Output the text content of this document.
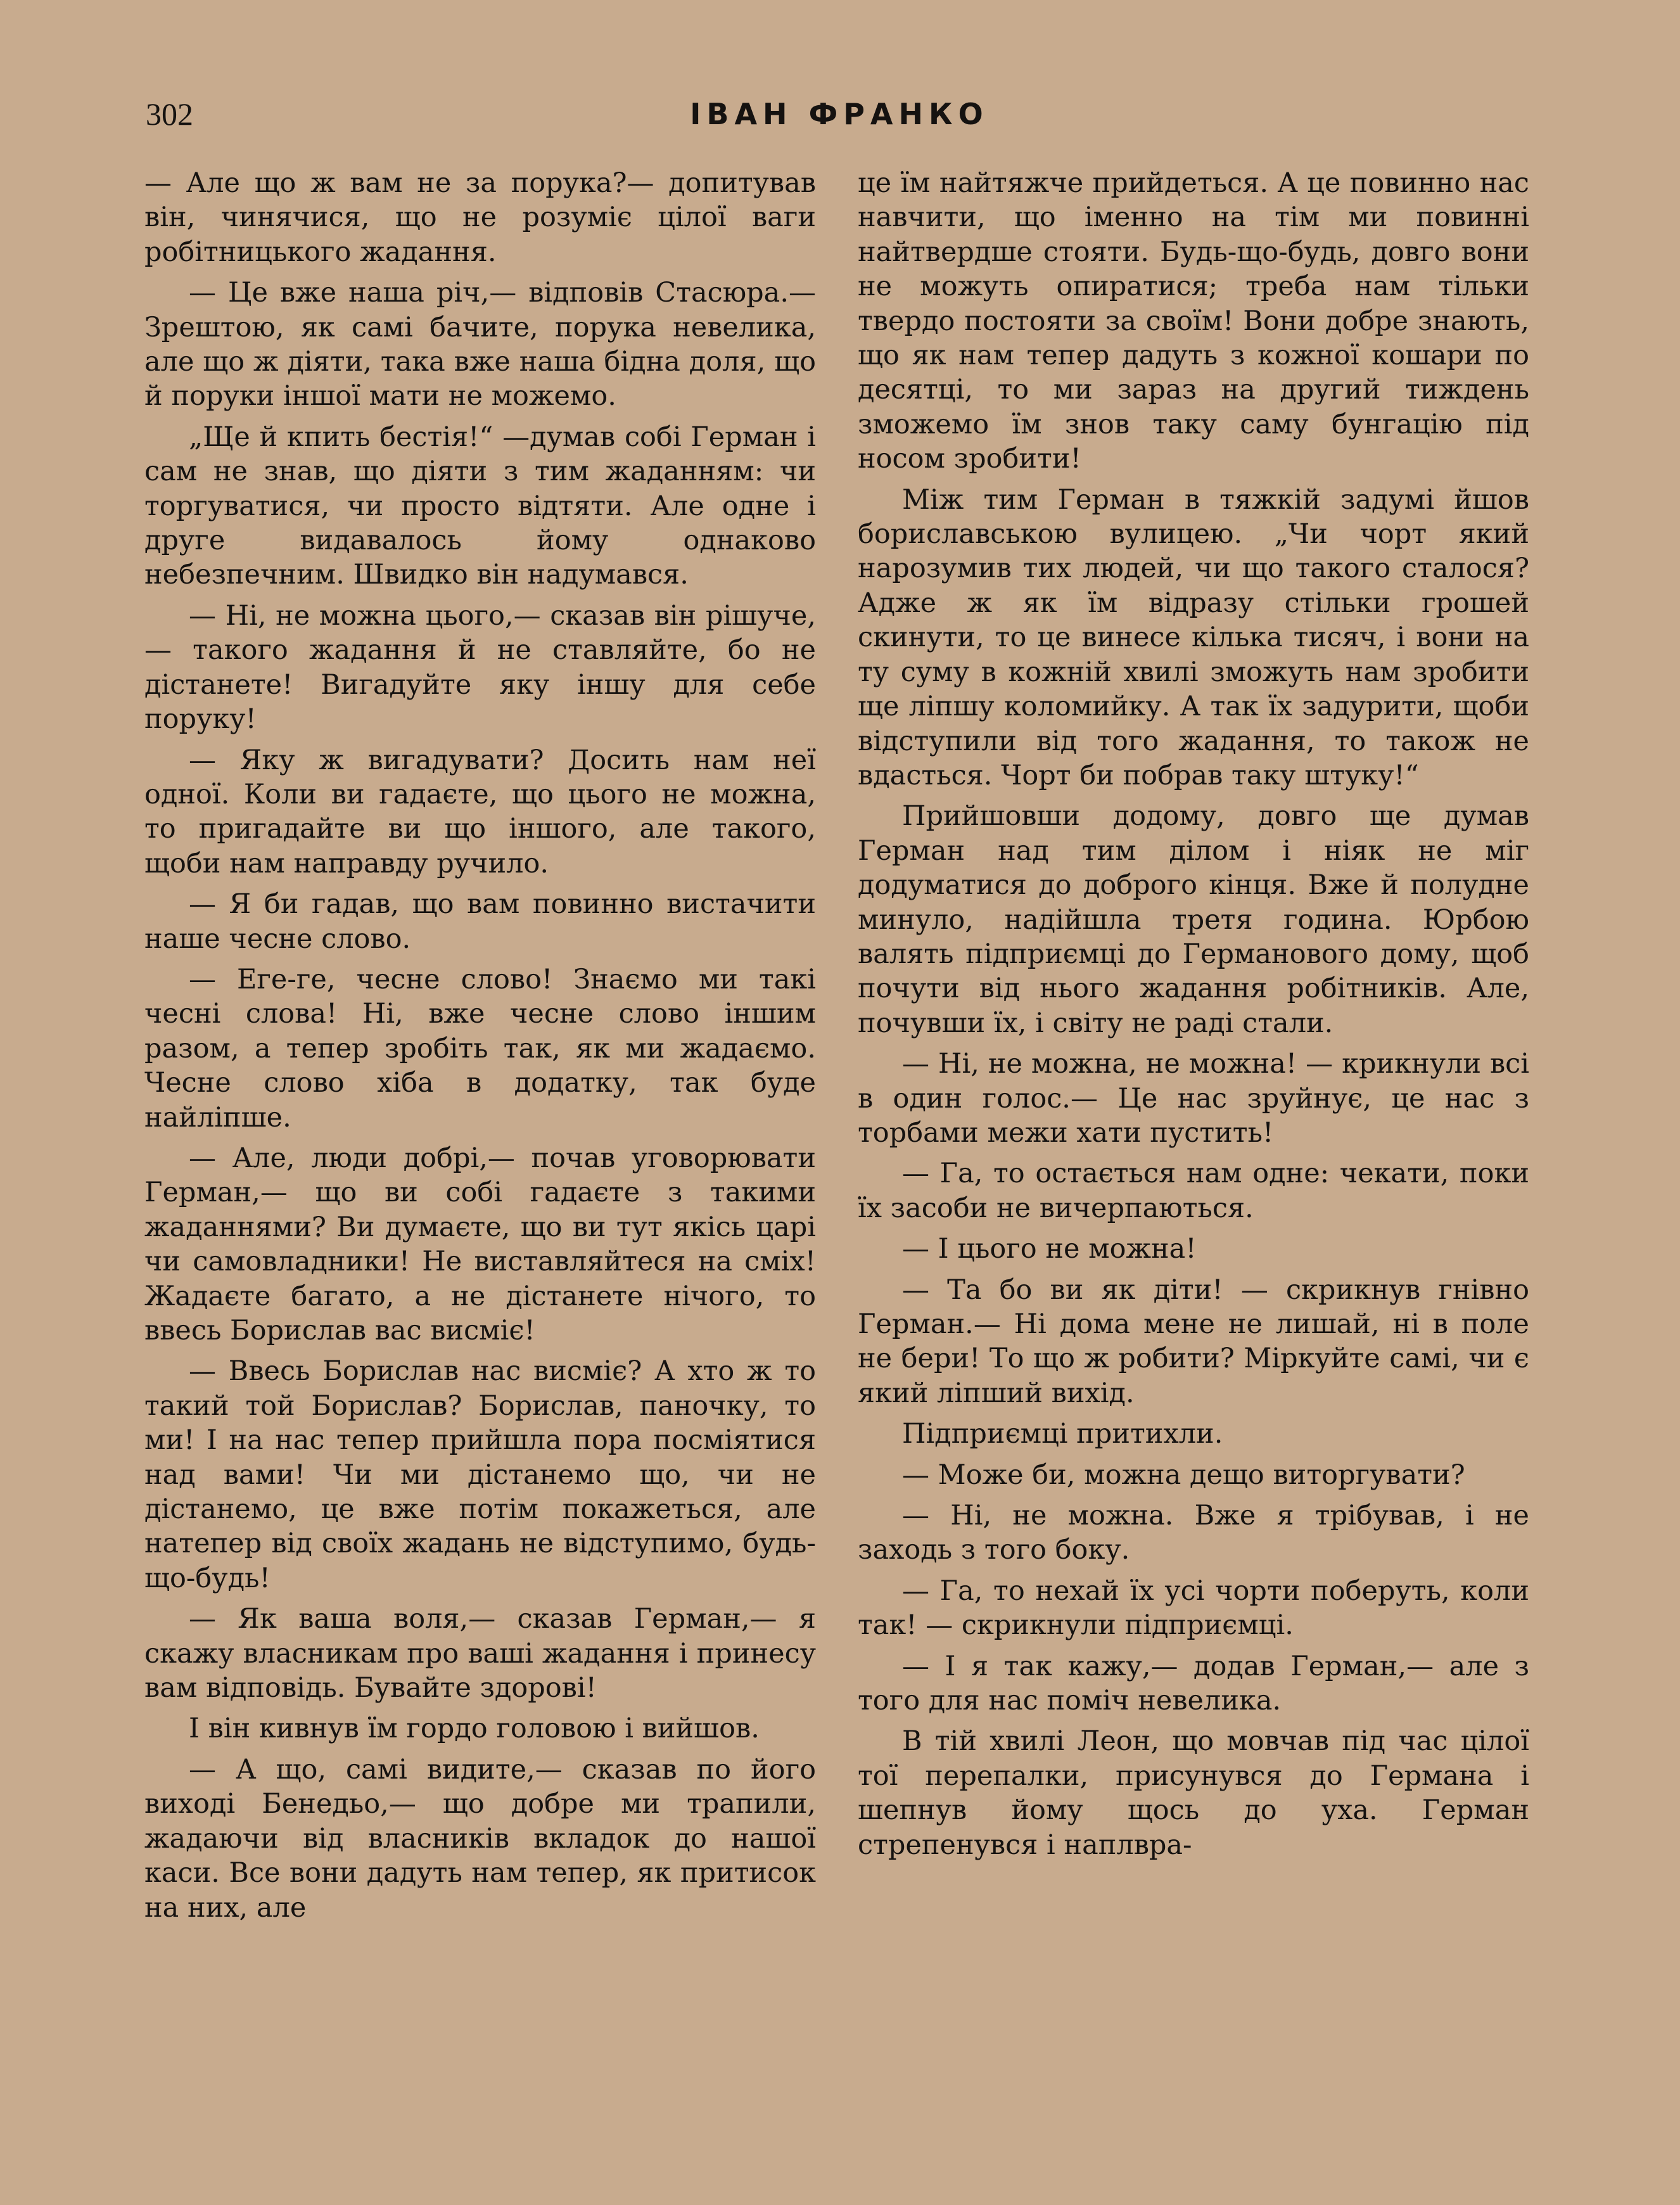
302	ІВАН ФРАНКО

— Але що ж вам не за порука?— допитував він, чинячися, що не розуміє цілої ваги робітницького жадання.

— Це вже наша річ,— відповів Стасюра.— Зрештою, як самі бачите, порука невелика, але що ж діяти, така вже наша бідна доля, що й поруки іншої мати не можемо.

„Ще й кпить бестія!“ —думав собі Герман і сам не знав, що діяти з тим жаданням: чи торгуватися, чи просто відтяти. Але одне і друге видавалось йому однаково небезпечним. Швидко він надумався.

— Ні, не можна цього,— сказав він рішуче,— такого жадання й не ставляйте, бо не дістанете! Вигадуйте яку іншу для себе поруку!

— Яку ж вигадувати? Досить нам неї одної. Коли ви гадаєте, що цього не можна, то пригадайте ви що іншого, але такого, щоби нам направду ручило.

— Я би гадав, що вам повинно вистачити наше чесне слово.

— Еге-ге, чесне слово! Знаємо ми такі чесні слова! Ні, вже чесне слово іншим разом, а тепер зробіть так, як ми жадаємо. Чесне слово хіба в додатку, так буде найліпше.

— Але, люди добрі,— почав уговорювати Герман,— що ви собі гадаєте з такими жаданнями? Ви думаєте, що ви тут якісь царі чи самовладники! Не виставляйтеся на сміх! Жадаєте багато, а не дістанете нічого, то ввесь Борислав вас висміє!

— Ввесь Борислав нас висміє? А хто ж то такий той Борислав? Борислав, паночку, то ми! І на нас тепер прийшла пора посміятися над вами! Чи ми дістанемо що, чи не дістанемо, це вже потім покажеться, але натепер від своїх жадань не відступимо, будь-що-будь!

— Як ваша воля,— сказав Герман,— я скажу власникам про ваші жадання і принесу вам відповідь. Бувайте здорові!

І він кивнув їм гордо головою і вийшов.

— А що, самі видите,— сказав по його виході Бенедьо,— що добре ми трапили, жадаючи від власників вкладок до нашої каси. Все вони дадуть нам тепер, як притисок на них, але

це їм найтяжче прийдеться. А це повинно нас навчити, що іменно на тім ми повинні найтвердше стояти. Будь-що-будь, довго вони не можуть опиратися; треба нам тільки твердо постояти за своїм! Вони добре знають, що як нам тепер дадуть з кожної кошари по десятці, то ми зараз на другий тиждень зможемо їм знов таку саму бунгацію під носом зробити!

Між тим Герман в тяжкій задумі йшов бориславською вулицею. „Чи чорт який нарозумив тих людей, чи що такого сталося? Адже ж як їм відразу стільки грошей скинути, то це винесе кілька тисяч, і вони на ту суму в кожній хвилі зможуть нам зробити ще ліпшу коломийку. А так їх задурити, щоби відступили від того жадання, то також не вдасться. Чорт би побрав таку штуку!“

Прийшовши додому, довго ще думав Герман над тим ділом і ніяк не міг додуматися до доброго кінця. Вже й полудне минуло, надійшла третя година. Юрбою валять підприємці до Германового дому, щоб почути від нього жадання робітників. Але, почувши їх, і світу не раді стали.

— Ні, не можна, не можна! — крикнули всі в один голос.— Це нас зруйнує, це нас з торбами межи хати пустить!

— Га, то остається нам одне: чекати, поки їх засоби не вичерпаються.

— І цього не можна!

— Та бо ви як діти! — скрикнув гнівно Герман.— Ні дома мене не лишай, ні в поле не бери! То що ж робити? Міркуйте самі, чи є який ліпший вихід.

Підприємці притихли.

— Може би, можна дещо виторгувати?

— Ні, не можна. Вже я трібував, і не заходь з того боку.

— Га, то нехай їх усі чорти поберуть, коли так! — скрикнули підприємці.

— І я так кажу,— додав Герман,— але з того для нас поміч невелика.

В тій хвилі Леон, що мовчав під час цілої тої перепалки, присунувся до Германа і шепнув йому щось до уха. Герман стрепенувся і наплвра-
